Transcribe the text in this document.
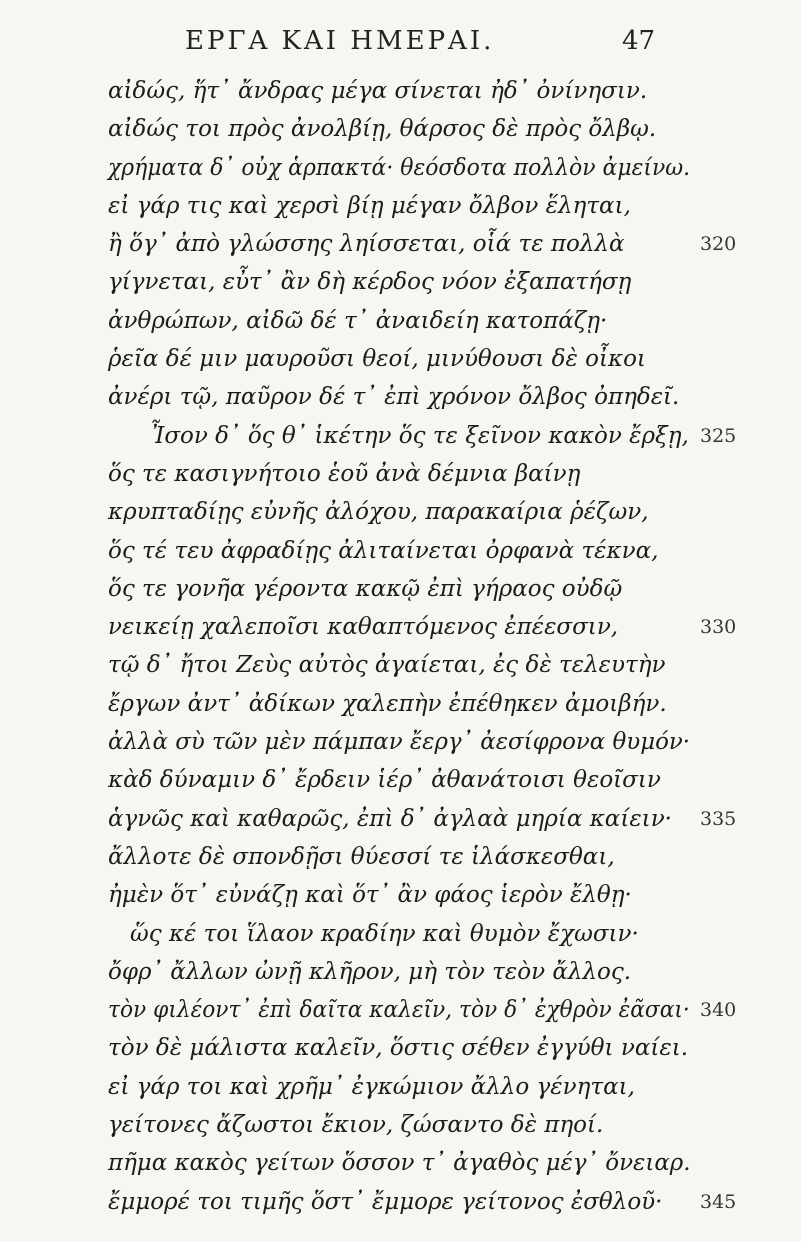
ΕΡΓΑ ΚΑΙ ΗΜΕΡΑΙ.	47
αἰδώς, ἥτ᾽ ἄνδρας μέγα σίνεται ἠδ᾽ ὀνίνησιν.
αἰδώς τοι πρὸς ἀνολβίῃ, θάρσος δὲ πρὸς ὄλβῳ.
χρήματα δ᾽ οὐχ ἁρπακτά· θεόσδοτα πολλὸν ἀμείνω.
εἰ γάρ τις καὶ χερσὶ βίῃ μέγαν ὄλβον ἕληται,
ἢ ὅγ᾽ ἀπὸ γλώσσης ληίσσεται, οἷά τε πολλὰ	320
γίγνεται, εὖτ᾽ ἂν δὴ κέρδος νόον ἐξαπατήσῃ
ἀνθρώπων, αἰδῶ δέ τ᾽ ἀναιδείη κατοπάζῃ·
ῥεῖα δέ μιν μαυροῦσι θεοί, μινύθουσι δὲ οἶκοι
ἀνέρι τῷ, παῦρον δέ τ᾽ ἐπὶ χρόνον ὄλβος ὀπηδεῖ.
Ἶσον δ᾽ ὅς θ᾽ ἱκέτην ὅς τε ξεῖνον κακὸν ἔρξῃ, 325
ὅς τε κασιγνήτοιο ἑοῦ ἀνὰ δέμνια βαίνῃ
κρυπταδίῃς εὐνῆς ἀλόχου, παρακαίρια ῥέζων,
ὅς τέ τευ ἀφραδίῃς ἀλιταίνεται ὀρφανὰ τέκνα,
ὅς τε γονῆα γέροντα κακῷ ἐπὶ γήραος οὐδῷ
νεικείῃ χαλεποῖσι καθαπτόμενος ἐπέεσσιν,	330
τῷ δ᾽ ἤτοι Ζεὺς αὐτὸς ἀγαίεται, ἐς δὲ τελευτὴν
ἔργων ἀντ᾽ ἀδίκων χαλεπὴν ἐπέθηκεν ἀμοιβήν.
ἀλλὰ σὺ τῶν μὲν πάμπαν ἔεργ᾽ ἀεσίφρονα θυμόν·
κὰδ δύναμιν δ᾽ ἔρδειν ἱέρ᾽ ἀθανάτοισι θεοῖσιν
ἁγνῶς καὶ καθαρῶς, ἐπὶ δ᾽ ἀγλαὰ μηρία καίειν· 335
ἄλλοτε δὲ σπονδῇσι θύεσσί τε ἱλάσκεσθαι,
ἠμὲν ὅτ᾽ εὐνάζῃ καὶ ὅτ᾽ ἂν φάος ἱερὸν ἔλθῃ·
ὥς κέ τοι ἵλαον κραδίην καὶ θυμὸν ἔχωσιν·
ὄφρ᾽ ἄλλων ὠνῇ κλῆρον, μὴ τὸν τεὸν ἄλλος.
τὸν φιλέοντ᾽ ἐπὶ δαῖτα καλεῖν, τὸν δ᾽ ἐχθρὸν ἐᾶσαι· 340
τὸν δὲ μάλιστα καλεῖν, ὅστις σέθεν ἐγγύθι ναίει.
εἰ γάρ τοι καὶ χρῆμ᾽ ἐγκώμιον ἄλλο γένηται,
γείτονες ἄζωστοι ἔκιον, ζώσαντο δὲ πηοί.
πῆμα κακὸς γείτων ὅσσον τ᾽ ἀγαθὸς μέγ᾽ ὄνειαρ.
ἔμμορέ τοι τιμῆς ὅστ᾽ ἔμμορε γείτονος ἐσθλοῦ· 345
